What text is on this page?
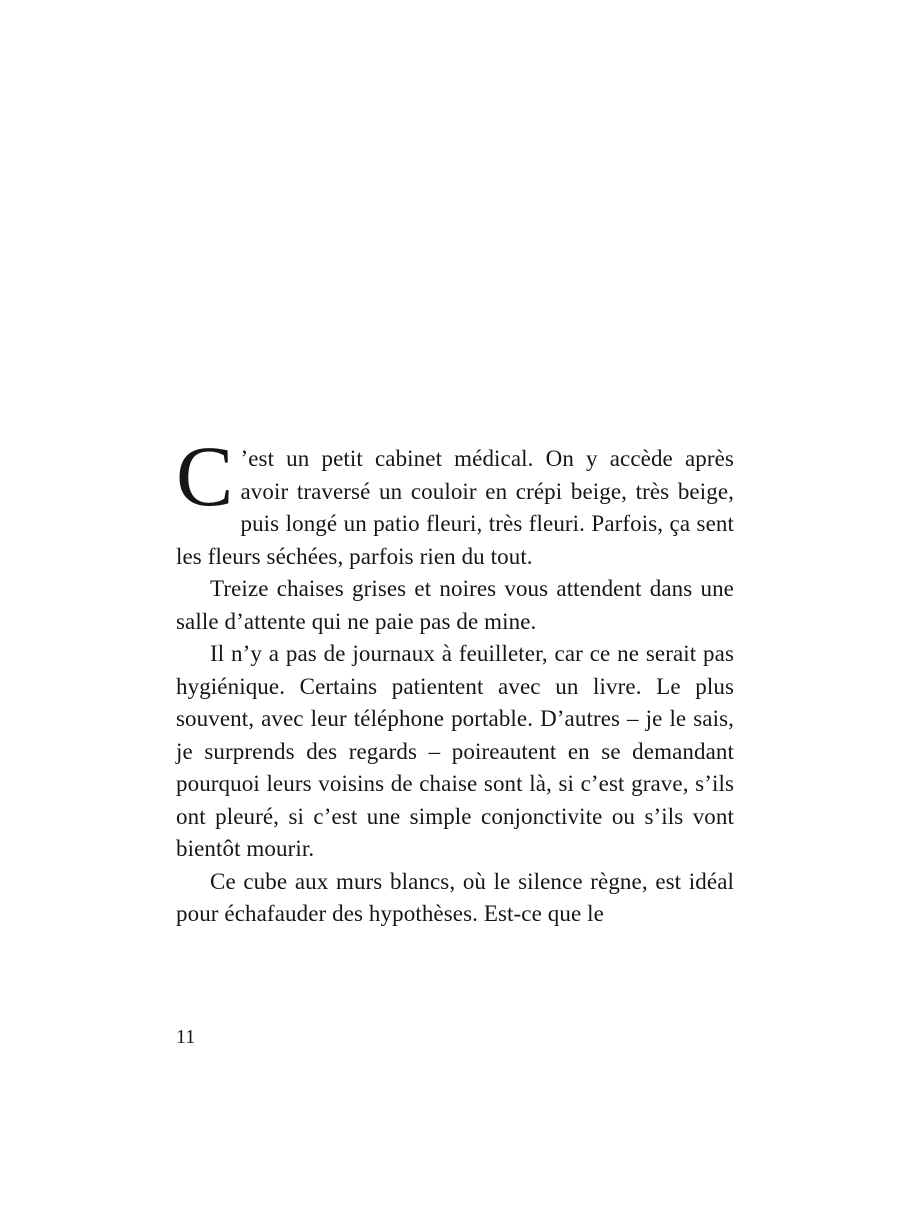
C ’est un petit cabinet médical. On y accède après avoir traversé un couloir en crépi beige, très beige, puis longé un patio fleuri, très fleuri. Parfois, ça sent les fleurs séchées, parfois rien du tout.

Treize chaises grises et noires vous attendent dans une salle d’attente qui ne paie pas de mine.

Il n’y a pas de journaux à feuilleter, car ce ne serait pas hygiénique. Certains patientent avec un livre. Le plus souvent, avec leur téléphone portable. D’autres – je le sais, je surprends des regards – poireautent en se demandant pourquoi leurs voisins de chaise sont là, si c’est grave, s’ils ont pleuré, si c’est une simple conjonctivite ou s’ils vont bientôt mourir.

Ce cube aux murs blancs, où le silence règne, est idéal pour échafauder des hypothèses. Est-ce que le

11
